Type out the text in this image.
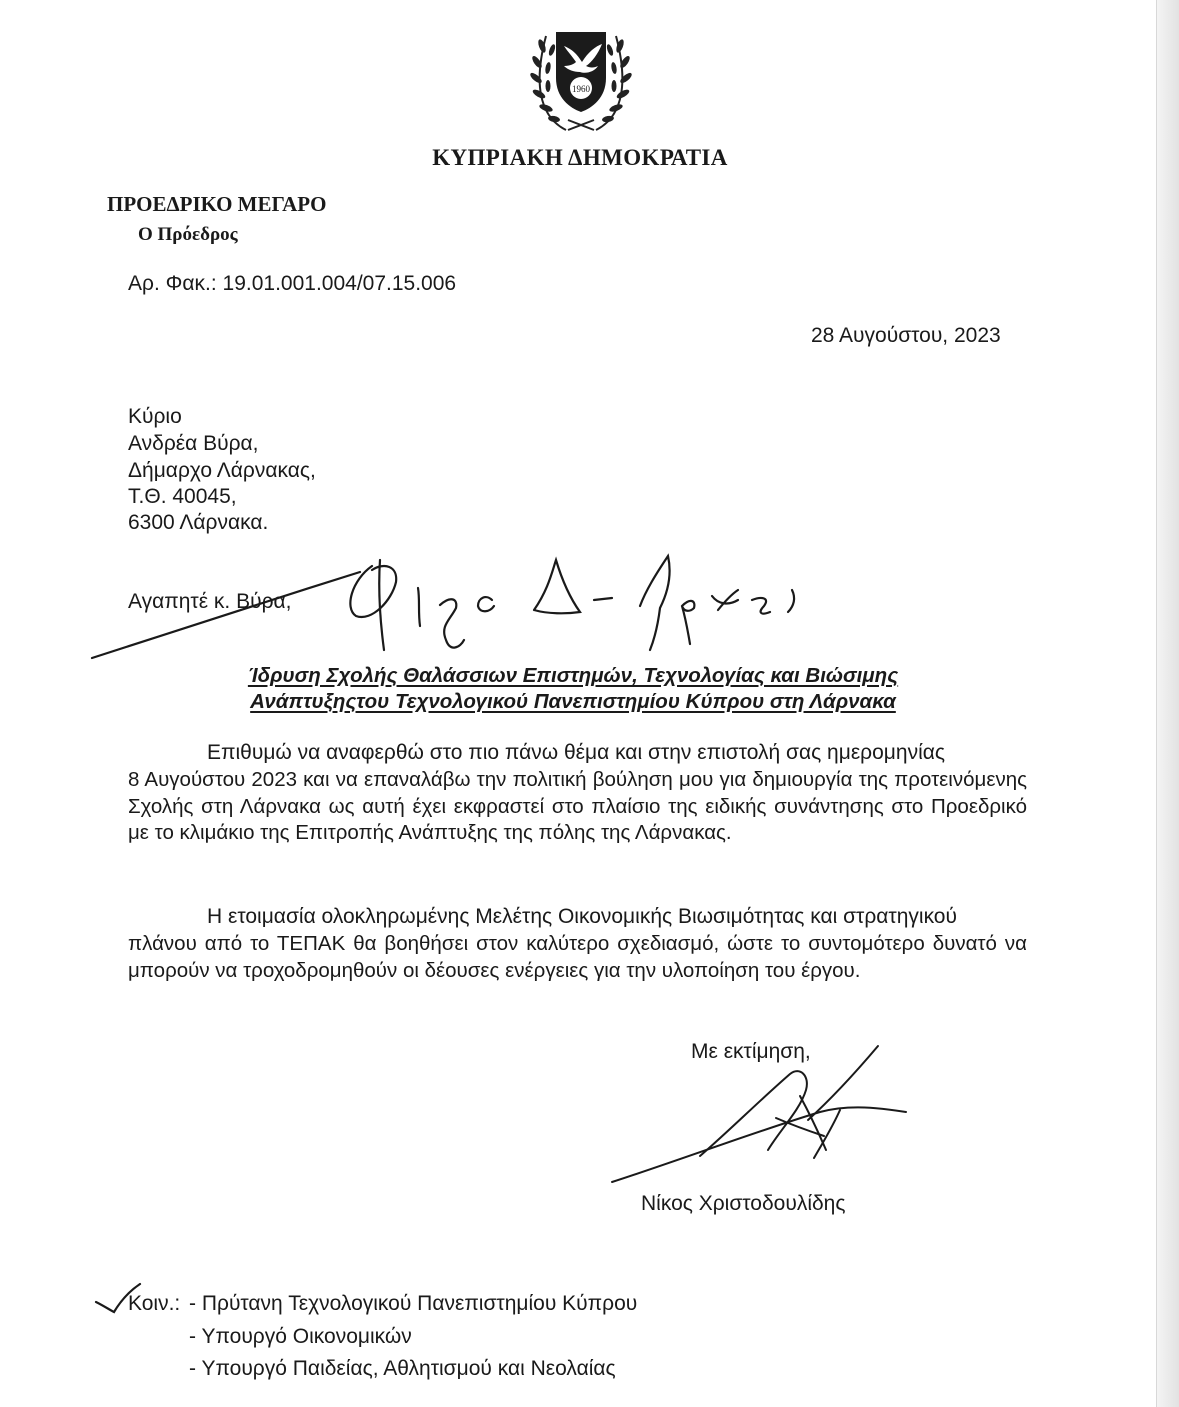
1960
ΚΥΠΡΙΑΚΗ ΔΗΜΟΚΡΑΤΙΑ
ΠΡΟΕΔΡΙΚΟ ΜΕΓΑΡΟ
Ο Πρόεδρος
Αρ. Φακ.: 19.01.001.004/07.15.006
28 Αυγούστου, 2023
Κύριο
Ανδρέα Βύρα,
Δήμαρχο Λάρνακας,
Τ.Θ. 40045,
6300 Λάρνακα.
Αγαπητέ κ. Βύρα,
Ίδρυση Σχολής Θαλάσσιων Επιστημών, Τεχνολογίας και Βιώσιμης
Ανάπτυξηςτου Τεχνολογικού Πανεπιστημίου Κύπρου στη Λάρνακα
Επιθυμώ να αναφερθώ στο πιο πάνω θέμα και στην επιστολή σας ημερομηνίας
8 Αυγούστου 2023 και να επαναλάβω την πολιτική βούληση μου για δημιουργία της προτεινόμενης Σχολής στη Λάρνακα ως αυτή έχει εκφραστεί στο πλαίσιο της ειδικής συνάντησης στο Προεδρικό με το κλιμάκιο της Επιτροπής Ανάπτυξης της πόλης της Λάρνακας.
Η ετοιμασία ολοκληρωμένης Μελέτης Οικονομικής Βιωσιμότητας και στρατηγικού
πλάνου από το ΤΕΠΑΚ θα βοηθήσει στον καλύτερο σχεδιασμό, ώστε το συντομότερο δυνατό να μπορούν να τροχοδρομηθούν οι δέουσες ενέργειες για την υλοποίηση του έργου.
Με εκτίμηση,
Νίκος Χριστοδουλίδης
Κοιν.: - Πρύτανη Τεχνολογικού Πανεπιστημίου Κύπρου
- Υπουργό Οικονομικών
- Υπουργό Παιδείας, Αθλητισμού και Νεολαίας
